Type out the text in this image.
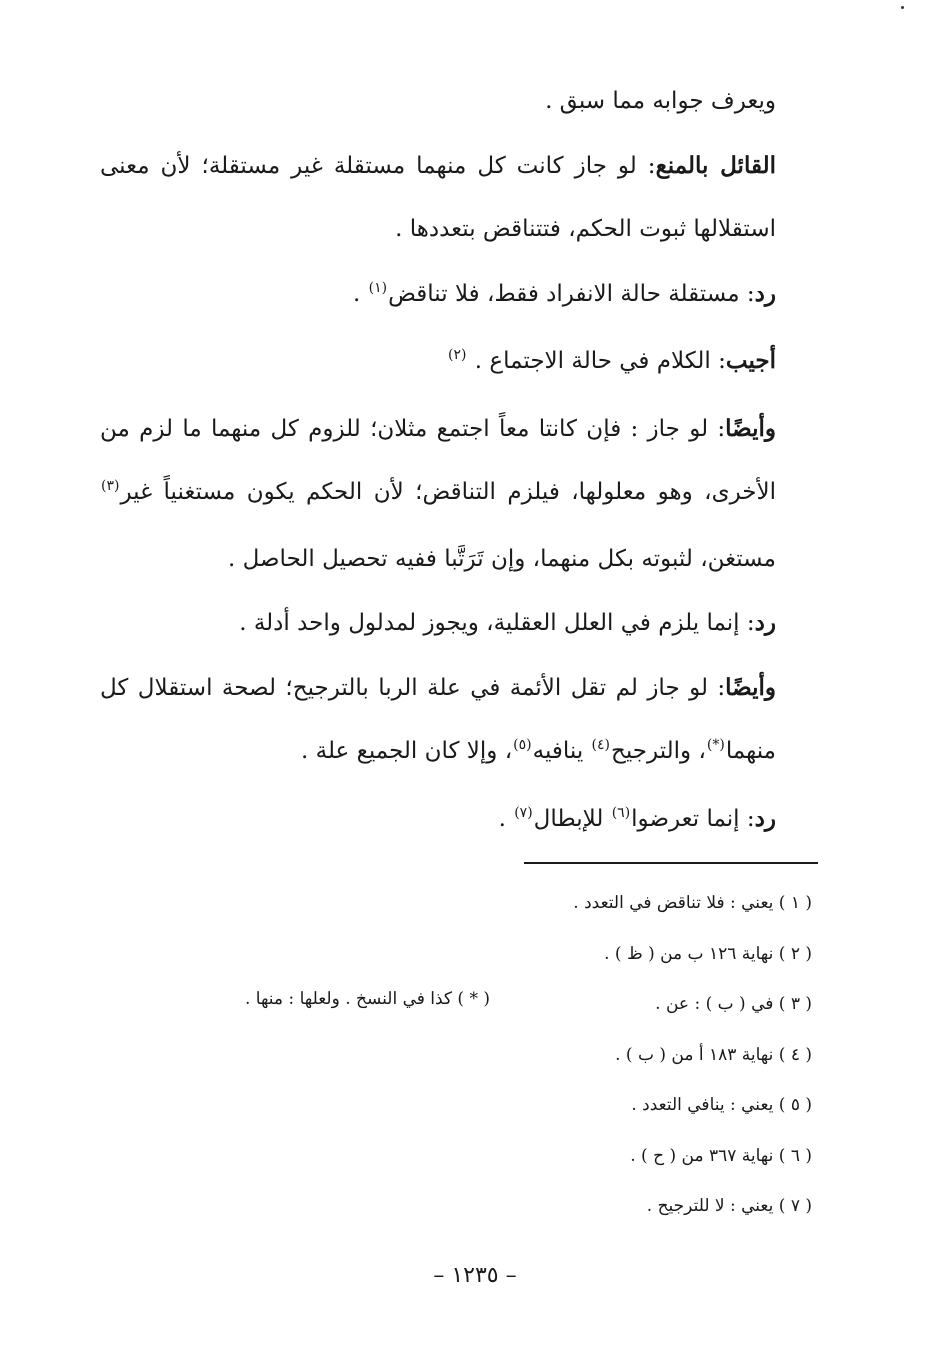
ويعرف جوابه مما سبق .

القائل بالمنع: لو جاز كانت كل منهما مستقلة غير مستقلة؛ لأن معنى استقلالها ثبوت الحكم، فتتناقض بتعددها .

رد: مستقلة حالة الانفراد فقط، فلا تناقض$^{(١)}$ .

أجيب: الكلام في حالة الاجتماع . $^{(٢)}$

وأيضًا: لو جاز : فإن كانتا معاً اجتمع مثلان؛ للزوم كل منهما ما لزم من الأخرى، وهو معلولها، فيلزم التناقض؛ لأن الحكم يكون مستغنياً غير$^{(٣)}$ مستغن، لثبوته بكل منهما، وإن تَرَتَّبا ففيه تحصيل الحاصل .

رد: إنما يلزم في العلل العقلية، ويجوز لمدلول واحد أدلة .

وأيضًا: لو جاز لم تقل الأئمة في علة الربا بالترجيح؛ لصحة استقلال كل منهما(*)، والترجيح$^{(٤)}$ ينافيه$^{(٥)}$، وإلا كان الجميع علة .

رد: إنما تعرضوا$^{(٦)}$ للإبطال$^{(٧)}$ .

( ١ ) يعني : فلا تناقض في التعدد .
( ٢ ) نهاية ١٢٦ ب من ( ظ ) .
( ٣ ) في ( ب ) : عن .
( ٤ ) نهاية ١٨٣ أ من ( ب ) .
( ٥ ) يعني : ينافي التعدد .
( ٦ ) نهاية ٣٦٧ من ( ح ) .
( ٧ ) يعني : لا للترجيح .
( * ) كذا في النسخ . ولعلها : منها .
– ١٢٣٥ –
